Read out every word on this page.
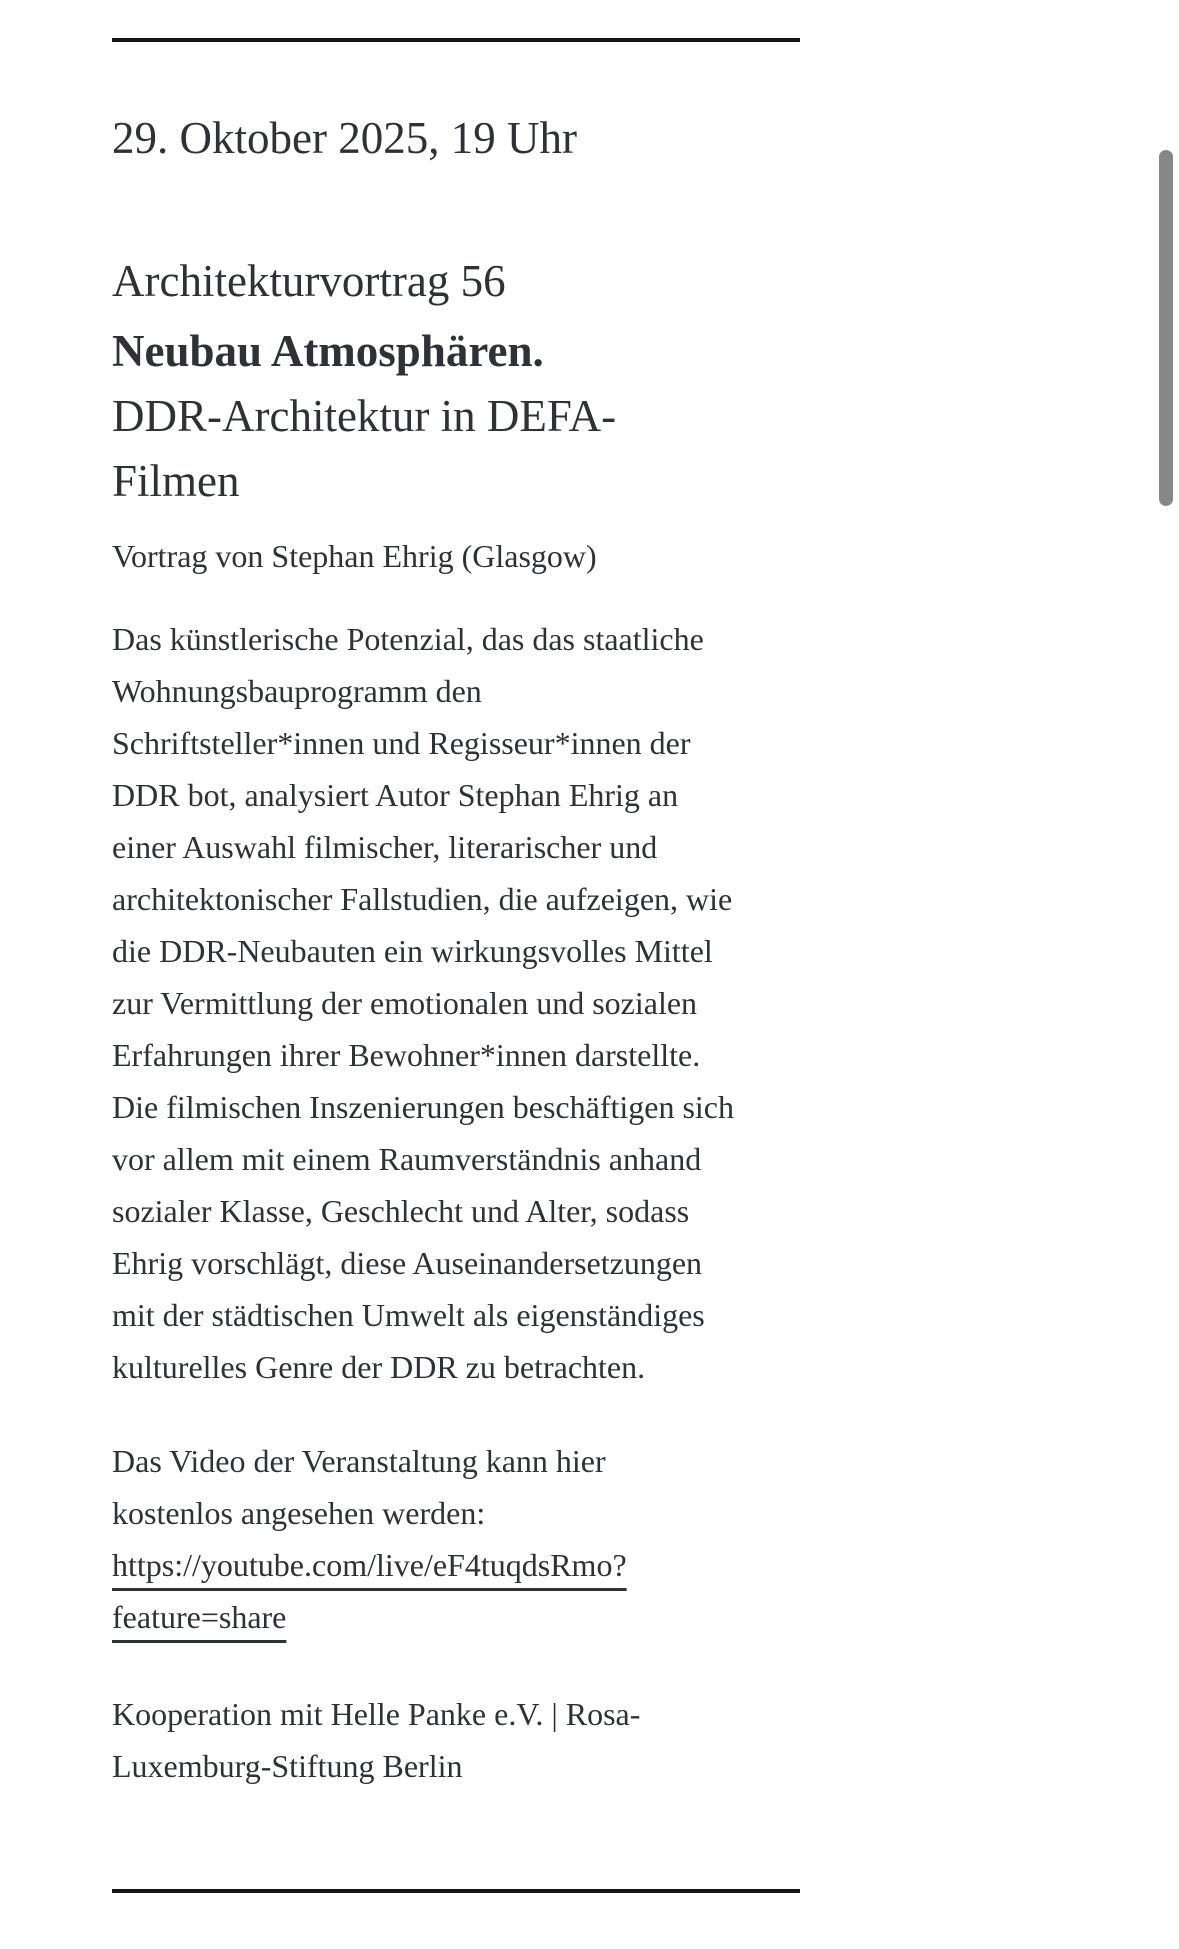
29. Oktober 2025, 19 Uhr

Architekturvortrag 56

Neubau Atmosphären.
DDR-Architektur in DEFA-
Filmen

Vortrag von Stephan Ehrig (Glasgow)

Das künstlerische Potenzial, das das staatliche
Wohnungsbauprogramm den
Schriftsteller*innen und Regisseur*innen der
DDR bot, analysiert Autor Stephan Ehrig an
einer Auswahl filmischer, literarischer und
architektonischer Fallstudien, die aufzeigen, wie
die DDR-Neubauten ein wirkungsvolles Mittel
zur Vermittlung der emotionalen und sozialen
Erfahrungen ihrer Bewohner*innen darstellte.
Die filmischen Inszenierungen beschäftigen sich
vor allem mit einem Raumverständnis anhand
sozialer Klasse, Geschlecht und Alter, sodass
Ehrig vorschlägt, diese Auseinandersetzungen
mit der städtischen Umwelt als eigenständiges
kulturelles Genre der DDR zu betrachten.

Das Video der Veranstaltung kann hier
kostenlos angesehen werden:
https://youtube.com/live/eF4tuqdsRmo?
feature=share

Kooperation mit Helle Panke e.V. | Rosa-
Luxemburg-Stiftung Berlin
